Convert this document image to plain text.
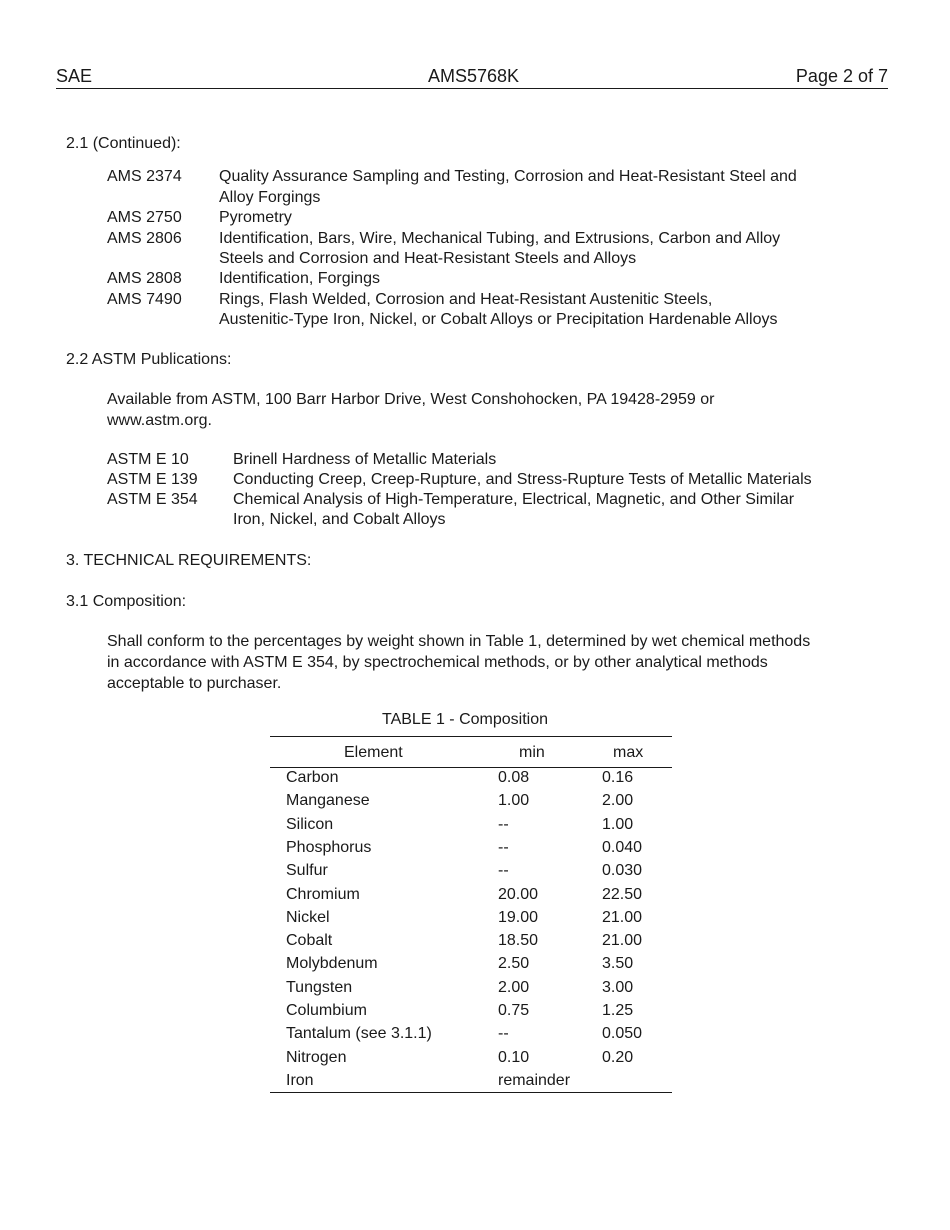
SAE	AMS5768K	Page 2 of 7
2.1 (Continued):
AMS 2374 Quality Assurance Sampling and Testing, Corrosion and Heat-Resistant Steel and
Alloy Forgings
AMS 2750 Pyrometry
AMS 2806 Identification, Bars, Wire, Mechanical Tubing, and Extrusions, Carbon and Alloy
Steels and Corrosion and Heat-Resistant Steels and Alloys
AMS 2808 Identification, Forgings
AMS 7490 Rings, Flash Welded, Corrosion and Heat-Resistant Austenitic Steels,
Austenitic-Type Iron, Nickel, or Cobalt Alloys or Precipitation Hardenable Alloys
2.2 ASTM Publications:
Available from ASTM, 100 Barr Harbor Drive, West Conshohocken, PA 19428-2959 or
www.astm.org.
ASTM E 10	Brinell Hardness of Metallic Materials
ASTM E 139 Conducting Creep, Creep-Rupture, and Stress-Rupture Tests of Metallic Materials
ASTM E 354 Chemical Analysis of High-Temperature, Electrical, Magnetic, and Other Similar
Iron, Nickel, and Cobalt Alloys
3. TECHNICAL REQUIREMENTS:
3.1 Composition:
Shall conform to the percentages by weight shown in Table 1, determined by wet chemical methods
in accordance with ASTM E 354, by spectrochemical methods, or by other analytical methods
acceptable to purchaser.
TABLE 1 - Composition
Element	min	max
Carbon	0.08	0.16
Manganese	1.00	2.00
Silicon	--	1.00
Phosphorus	--	0.040
Sulfur	--	0.030
Chromium	20.00	22.50
Nickel	19.00	21.00
Cobalt	18.50	21.00
Molybdenum	2.50	3.50
Tungsten	2.00	3.00
Columbium	0.75	1.25
Tantalum (see 3.1.1)	--	0.050
Nitrogen	0.10	0.20
Iron	remainder
